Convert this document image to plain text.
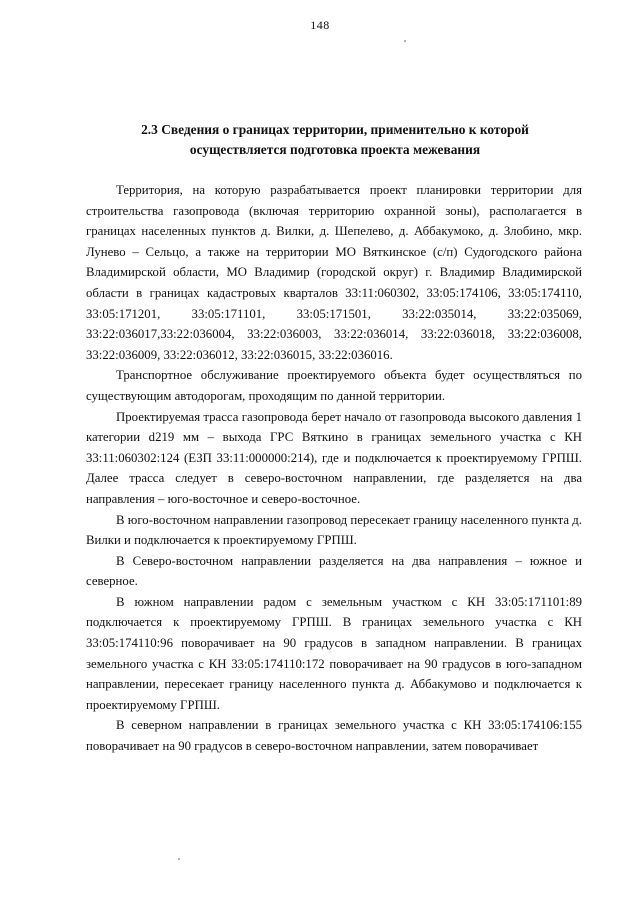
148
2.3 Сведения о границах территории, применительно к которой
осуществляется подготовка проекта межевания

Территория, на которую разрабатывается проект планировки территории для строительства газопровода (включая территорию охранной зоны), располагается в границах населенных пунктов д. Вилки, д. Шепелево, д. Аббакумоко, д. Злобино, мкр. Лунево – Сельцо, а также на территории МО Вяткинское (с/п) Судогодского района Владимирской области, МО Владимир (городской округ) г. Владимир Владимирской области в границах кадастровых кварталов 33:11:060302, 33:05:174106, 33:05:174110, 33:05:171201, 33:05:171101, 33:05:171501, 33:22:035014, 33:22:035069, 33:22:036017,33:22:036004, 33:22:036003, 33:22:036014, 33:22:036018, 33:22:036008, 33:22:036009, 33:22:036012, 33:22:036015, 33:22:036016.

Транспортное обслуживание проектируемого объекта будет осуществляться по существующим автодорогам, проходящим по данной территории.

Проектируемая трасса газопровода берет начало от газопровода высокого давления 1 категории d219 мм – выхода ГРС Вяткино в границах земельного участка с КН 33:11:060302:124 (ЕЗП 33:11:000000:214), где и подключается к проектируемому ГРПШ. Далее трасса следует в северо-восточном направлении, где разделяется на два направления – юго-восточное и северо-восточное.

В юго-восточном направлении газопровод пересекает границу населенного пункта д. Вилки и подключается к проектируемому ГРПШ.

В Северо-восточном направлении разделяется на два направления – южное и северное.

В южном направлении радом с земельным участком с КН 33:05:171101:89 подключается к проектируемому ГРПШ. В границах земельного участка с КН 33:05:174110:96 поворачивает на 90 градусов в западном направлении. В границах земельного участка с КН 33:05:174110:172 поворачивает на 90 градусов в юго-западном направлении, пересекает границу населенного пункта д. Аббакумово и подключается к проектируемому ГРПШ.

В северном направлении в границах земельного участка с КН 33:05:174106:155 поворачивает на 90 градусов в северо-восточном направлении, затем поворачивает
